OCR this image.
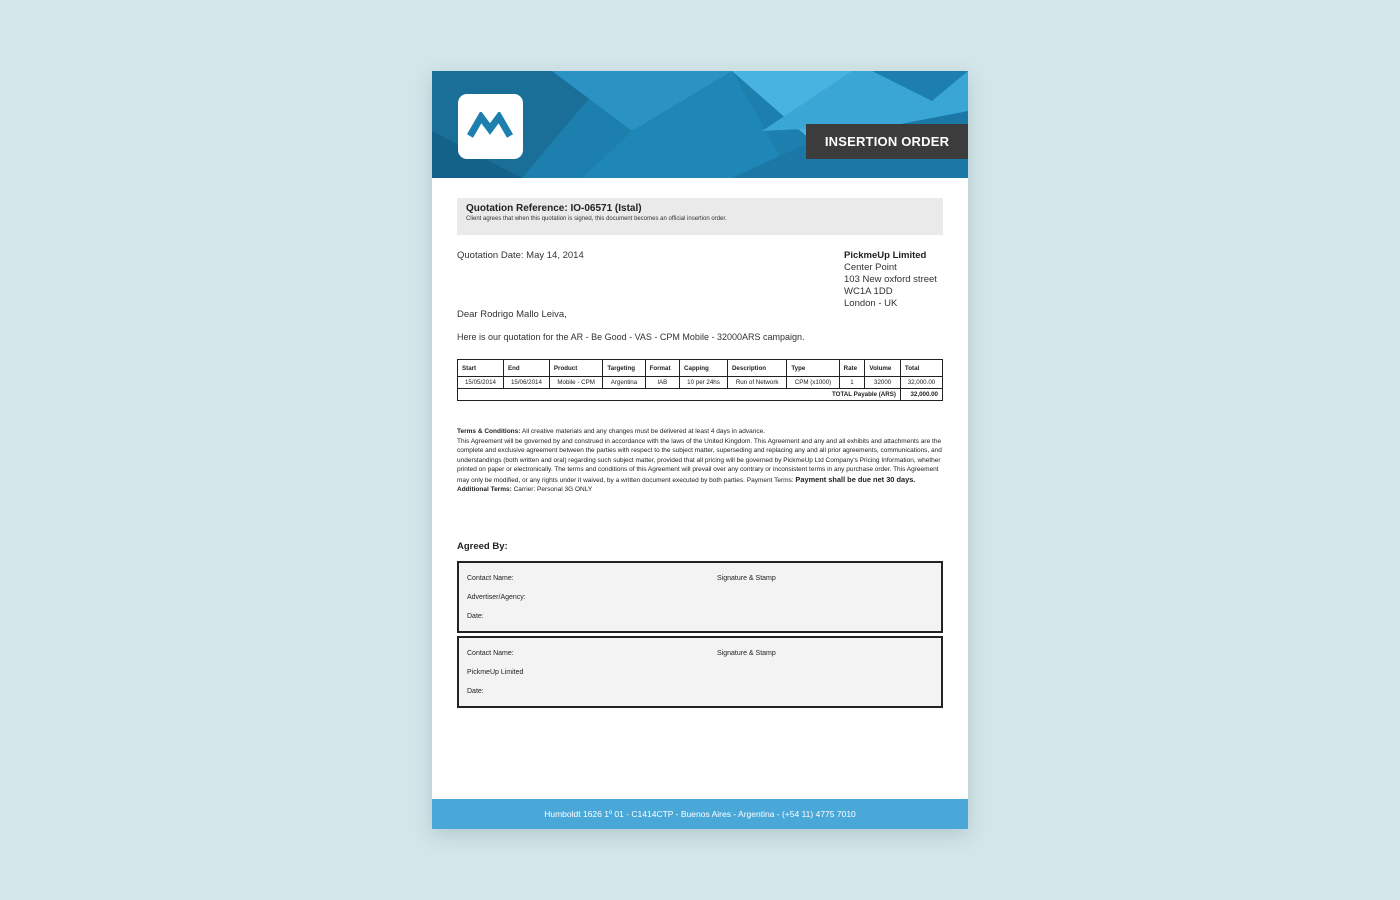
INSERTION ORDER
Quotation Reference: IO-06571 (Istal)
Client agrees that when this quotation is signed, this document becomes an official insertion order.
Quotation Date: May 14, 2014	PickmeUp Limited
Center Point
103 New oxford street
WC1A 1DD
London - UK
Dear Rodrigo Mallo Leiva,
Here is our quotation for the AR - Be Good - VAS - CPM Mobile - 32000ARS campaign.
Start	End	Product	Targeting	Format	Capping	Description	Type	Rate	Volume	Total
15/05/2014	15/06/2014	Mobile - CPM	Argentina	IAB	10 per 24hs	Run of Network	CPM (x1000)	1	32000	32,000.00
TOTAL Payable (ARS)										32,000.00
Terms & Conditions: All creative materials and any changes must be delivered at least 4 days in advance.
This Agreement will be governed by and construed in accordance with the laws of the United Kingdom. This Agreement and any and all exhibits and attachments are the complete and exclusive agreement between the parties with respect to the subject matter, superseding and replacing any and all prior agreements, communications, and understandings (both written and oral) regarding such subject matter, provided that all pricing will be governed by PickmeUp Ltd Company's Pricing Information, whether printed on paper or electronically. The terms and conditions of this Agreement will prevail over any contrary or inconsistent terms in any purchase order. This Agreement may only be modified, or any rights under it waived, by a written document executed by both parties. Payment Terms: Payment shall be due net 30 days.
Additional Terms: Carrier: Personal 3G ONLY
Agreed By:
Contact Name:
Advertiser/Agency:
Date:
Signature & Stamp
Contact Name:
PickmeUp Limited
Date:
Signature & Stamp
Humboldt 1626 1º 01 - C1414CTP - Buenos Aires - Argentina - (+54 11) 4775 7010
